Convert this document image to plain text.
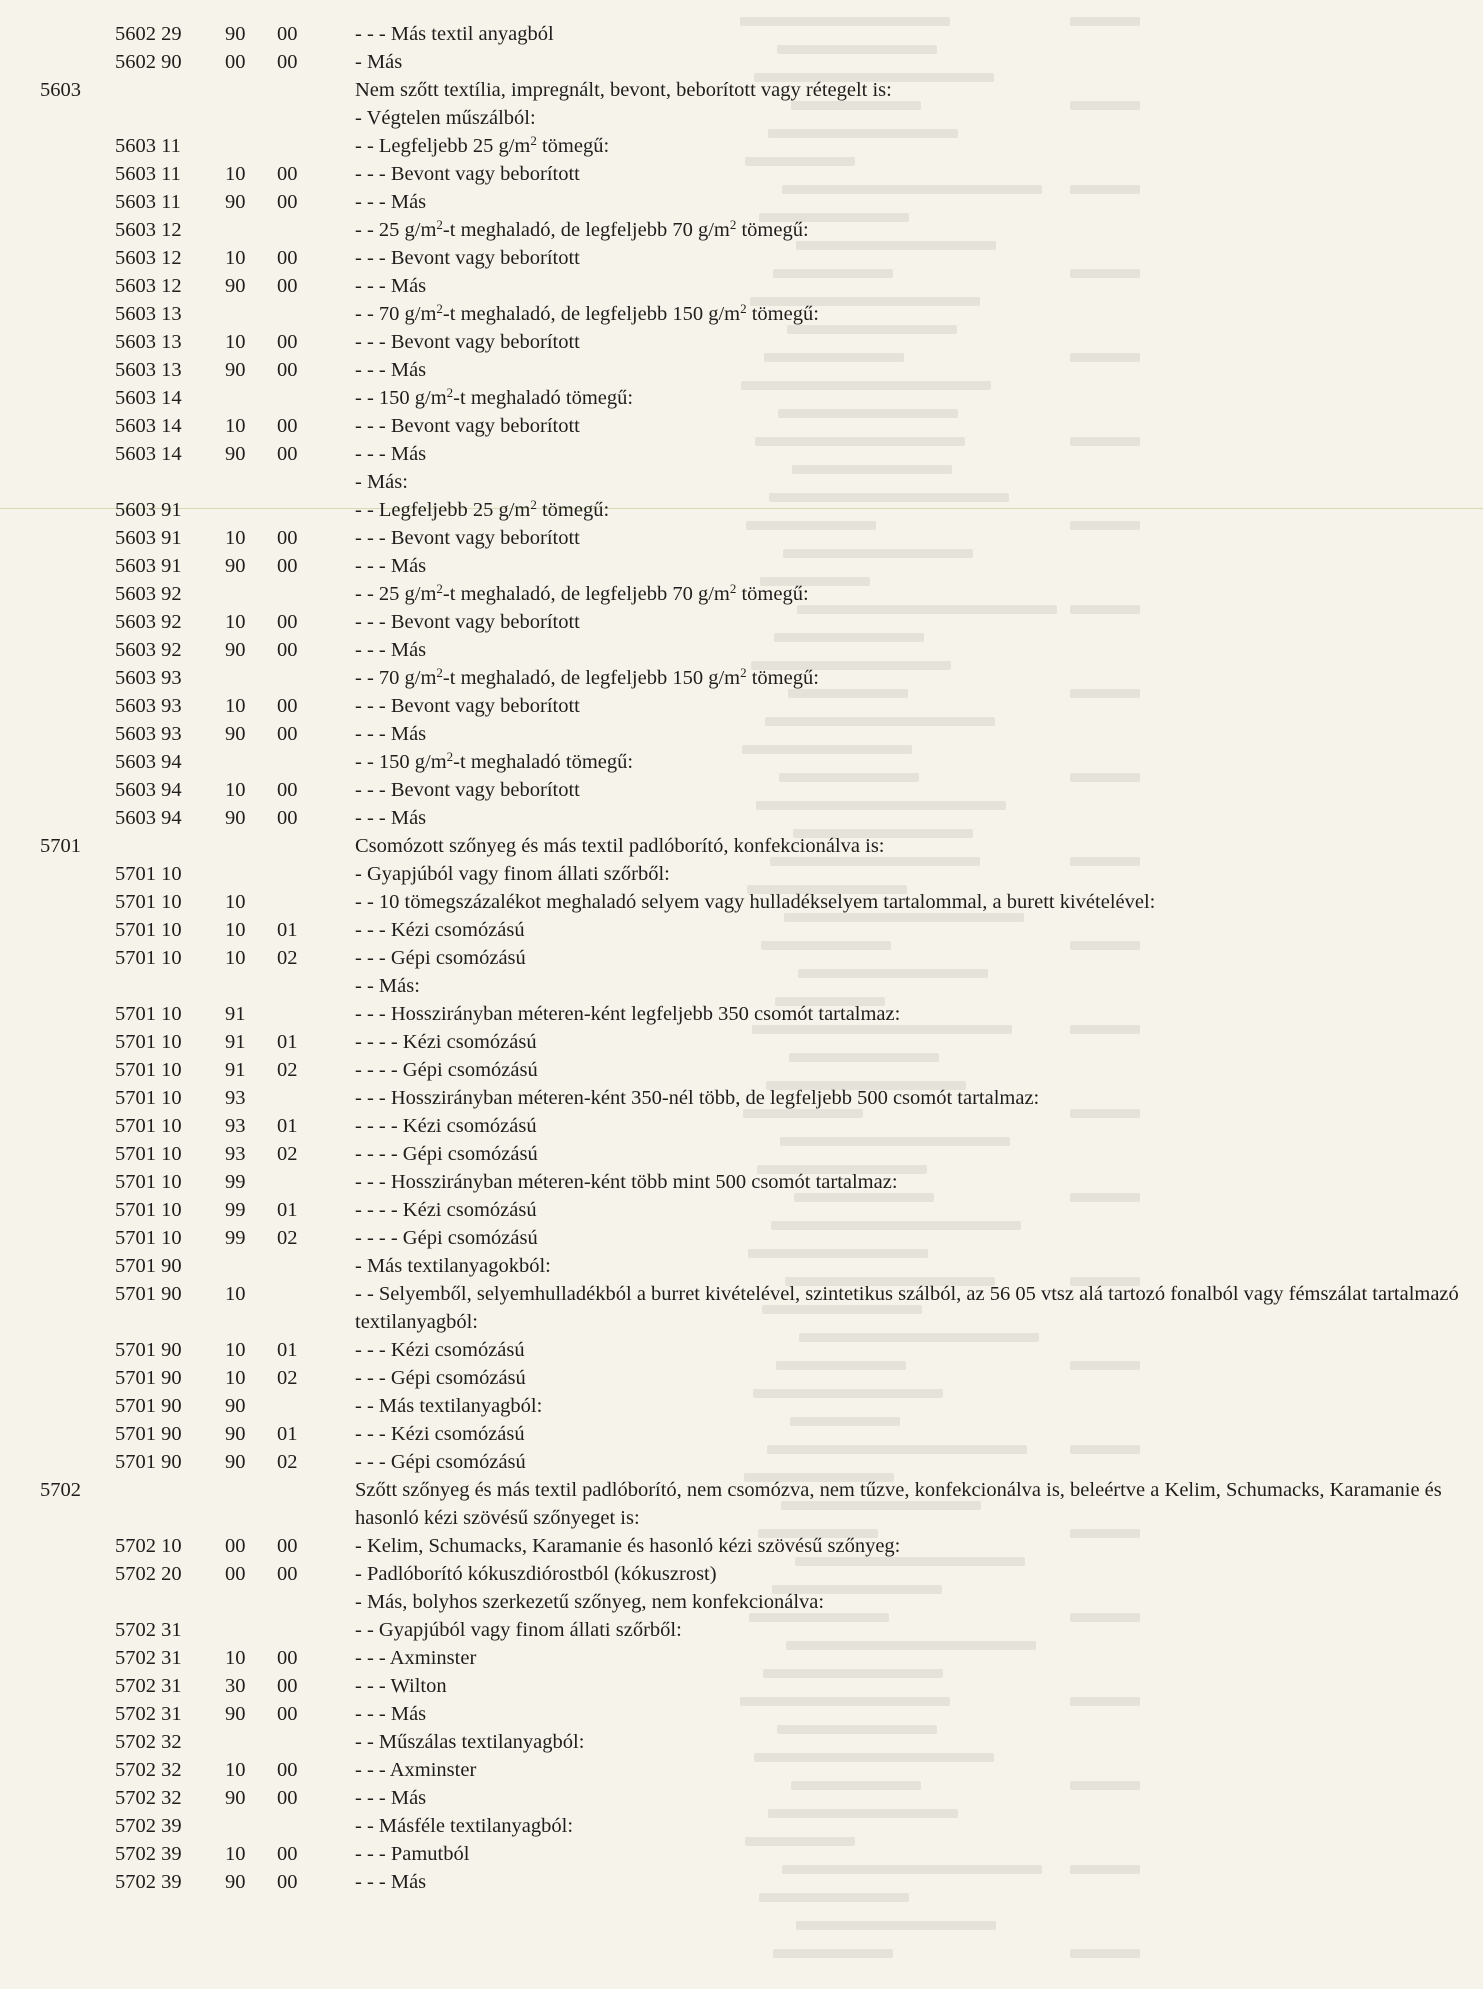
5602 29 90 00	- - - Más textil anyagból
5602 90 00 00	- Más
5603	Nem szőtt textília, impregnált, bevont, beborított vagy rétegelt is:
- Végtelen műszálból:
5603 11	- - Legfeljebb 25 $g/m^2$ tömegű:
5603 11 10 00	- - - Bevont vagy beborított
5603 11 90 00	- - - Más
5603 12	- - 25 $g/m^2-t$ meghaladó, de legfeljebb 70 $g/m^2$ tömegű:
5603 12 10 00	- - - Bevont vagy beborított
5603 12 90 00	- - - Más
5603 13	- - 70 $g/m^2-t$ meghaladó, de legfeljebb 150 $g/m^2$ tömegű:
5603 13 10 00	- - - Bevont vagy beborított
5603 13 90 00	- - - Más
5603 14	- - 150 $g/m^2-t$ meghaladó tömegű:
5603 14 10 00	- - - Bevont vagy beborított
5603 14 90 00	- - - Más
- Más:
5603 91	- - Legfeljebb 25 $g/m^2$ tömegű:
5603 91 10 00	- - - Bevont vagy beborított
5603 91 90 00	- - - Más
5603 92	- - 25 $g/m^2-t$ meghaladó, de legfeljebb 70 $g/m^2$ tömegű:
5603 92 10 00	- - - Bevont vagy beborított
5603 92 90 00	- - - Más
5603 93	- - 70 $g/m^2-t$ meghaladó, de legfeljebb 150 $g/m^2$ tömegű:
5603 93 10 00	- - - Bevont vagy beborított
5603 93 90 00	- - - Más
5603 94	- - 150 $g/m^2-t$ meghaladó tömegű:
5603 94 10 00	- - - Bevont vagy beborított
5603 94 90 00	- - - Más
5701	Csomózott szőnyeg és más textil padlóborító, konfekcionálva is:
5701 10	- Gyapjúból vagy finom állati szőrből:
5701 10 10	- - 10 tömegszázalékot meghaladó selyem vagy hulladékselyem tartalommal, a burett kivételével:
5701 10 10 01	- - - Kézi csomózású
5701 10 10 02	- - - Gépi csomózású
- - Más:
5701 10 91	- - - Hosszirányban méteren-ként legfeljebb 350 csomót tartalmaz:
5701 10 91 01	- - - - Kézi csomózású
5701 10 91 02	- - - - Gépi csomózású
5701 10 93	- - - Hosszirányban méteren-ként 350-nél több, de legfeljebb 500 csomót tartalmaz:
5701 10 93 01	- - - - Kézi csomózású
5701 10 93 02	- - - - Gépi csomózású
5701 10 99	- - - Hosszirányban méteren-ként több mint 500 csomót tartalmaz:
5701 10 99 01	- - - - Kézi csomózású
5701 10 99 02	- - - - Gépi csomózású
5701 90	- Más textilanyagokból:
5701 90 10	- - Selyemből, selyemhulladékból a burret kivételével, szintetikus szálból, az 56 05 vtsz alá tartozó fonalból vagy fémszálat tartalmazó textilanyagból:
5701 90 10 01	- - - Kézi csomózású
5701 90 10 02	- - - Gépi csomózású
5701 90 90	- - Más textilanyagból:
5701 90 90 01	- - - Kézi csomózású
5701 90 90 02	- - - Gépi csomózású
5702	Szőtt szőnyeg és más textil padlóborító, nem csomózva, nem tűzve, konfekcionálva is, beleértve a Kelim, Schumacks, Karamanie és hasonló kézi szövésű szőnyeget is:
5702 10 00 00	- Kelim, Schumacks, Karamanie és hasonló kézi szövésű szőnyeg:
5702 20 00 00	- Padlóborító kókuszdiórostból (kókuszrost)
- Más, bolyhos szerkezetű szőnyeg, nem konfekcionálva:
5702 31	- - Gyapjúból vagy finom állati szőrből:
5702 31 10 00	- - - Axminster
5702 31 30 00	- - - Wilton
5702 31 90 00	- - - Más
5702 32	- - Műszálas textilanyagból:
5702 32 10 00	- - - Axminster
5702 32 90 00	- - - Más
5702 39	- - Másféle textilanyagból:
5702 39 10 00	- - - Pamutból
5702 39 90 00	- - - Más
